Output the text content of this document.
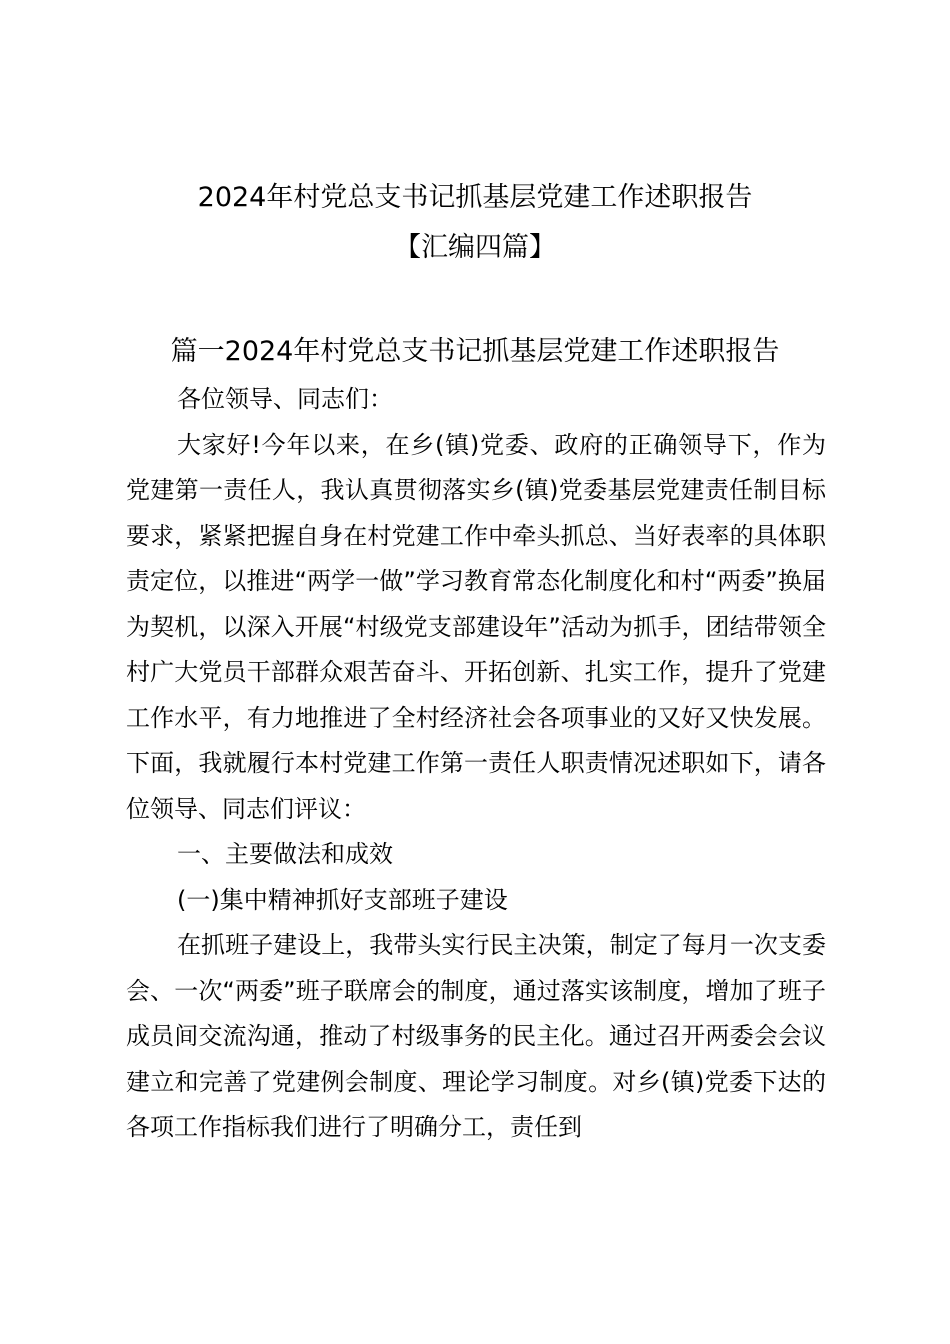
2024年村党总支书记抓基层党建工作述职报告
【汇编四篇】
篇一2024年村党总支书记抓基层党建工作述职报告

各位领导、同志们：

大家好!今年以来，在乡(镇)党委、政府的正确领导下，作为党建第一责任人，我认真贯彻落实乡(镇)党委基层党建责任制目标要求，紧紧把握自身在村党建工作中牵头抓总、当好表率的具体职责定位，以推进“两学一做”学习教育常态化制度化和村“两委”换届为契机，以深入开展“村级党支部建设年”活动为抓手，团结带领全村广大党员干部群众艰苦奋斗、开拓创新、扎实工作，提升了党建工作水平，有力地推进了全村经济社会各项事业的又好又快发展。下面，我就履行本村党建工作第一责任人职责情况述职如下，请各位领导、同志们评议：

一、主要做法和成效

(一)集中精神抓好支部班子建设

在抓班子建设上，我带头实行民主决策，制定了每月一次支委会、一次“两委”班子联席会的制度，通过落实该制度，增加了班子成员间交流沟通，推动了村级事务的民主化。通过召开两委会会议建立和完善了党建例会制度、理论学习制度。对乡(镇)党委下达的各项工作指标我们进行了明确分工，责任到
